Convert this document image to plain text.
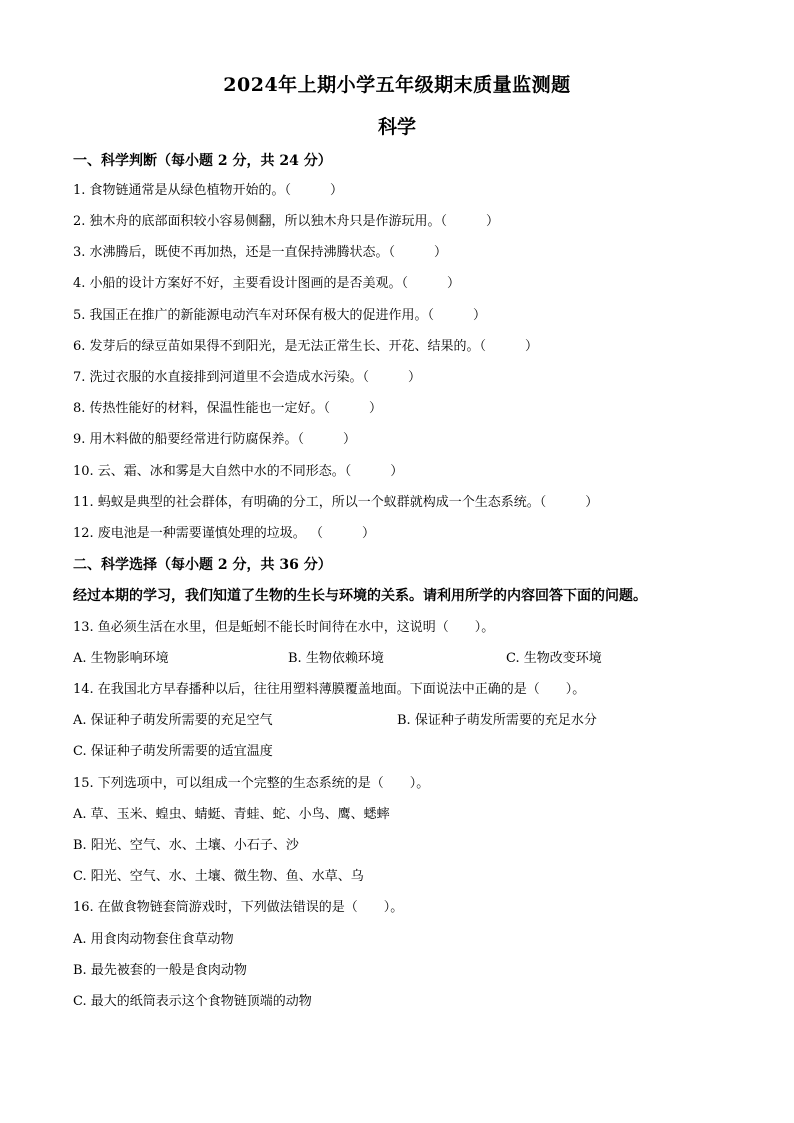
2024年上期小学五年级期末质量监测题
科学
一、科学判断（每小题 2 分，共 24 分）
1. 食物链通常是从绿色植物开始的。（　　　）
2. 独木舟的底部面积较小容易侧翻，所以独木舟只是作游玩用。（　　　）
3. 水沸腾后，既使不再加热，还是一直保持沸腾状态。（　　　）
4. 小船的设计方案好不好，主要看设计图画的是否美观。（　　　）
5. 我国正在推广的新能源电动汽车对环保有极大的促进作用。（　　　）
6. 发芽后的绿豆苗如果得不到阳光，是无法正常生长、开花、结果的。（　　　）
7. 洗过衣服的水直接排到河道里不会造成水污染。（　　　）
8. 传热性能好的材料，保温性能也一定好。（　　　）
9. 用木料做的船要经常进行防腐保养。（　　　）
10. 云、霜、冰和雾是大自然中水的不同形态。（　　　）
11. 蚂蚁是典型的社会群体，有明确的分工，所以一个蚁群就构成一个生态系统。（　　　）
12. 废电池是一种需要谨慎处理的垃圾。 （　　　）
二、科学选择（每小题 2 分，共 36 分）
经过本期的学习，我们知道了生物的生长与环境的关系。请利用所学的内容回答下面的问题。
13. 鱼必须生活在水里，但是蚯蚓不能长时间待在水中，这说明（　　）。
A. 生物影响环境	B. 生物依赖环境	C. 生物改变环境
14. 在我国北方早春播种以后，往往用塑料薄膜覆盖地面。下面说法中正确的是（　　）。
A. 保证种子萌发所需要的充足空气	B. 保证种子萌发所需要的充足水分
C. 保证种子萌发所需要的适宜温度
15. 下列选项中，可以组成一个完整的生态系统的是（　　）。
A. 草、玉米、蝗虫、蜻蜓、青蛙、蛇、小鸟、鹰、蟋蟀
B. 阳光、空气、水、土壤、小石子、沙
C. 阳光、空气、水、土壤、微生物、鱼、水草、乌
16. 在做食物链套筒游戏时，下列做法错误的是（　　）。
A. 用食肉动物套住食草动物
B. 最先被套的一般是食肉动物
C. 最大的纸筒表示这个食物链顶端的动物
